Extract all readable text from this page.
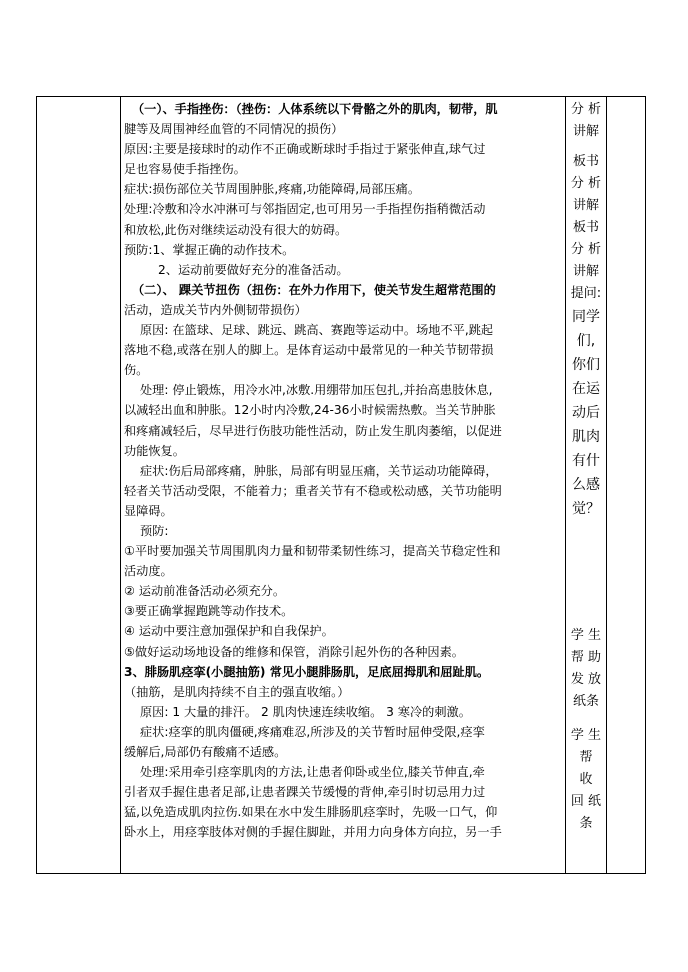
（一）、手指挫伤：（挫伤：人体系统以下骨骼之外的肌肉，韧带，肌

腱等及周围神经血管的不同情况的损伤）

原因:主要是接球时的动作不正确或断球时手指过于紧张伸直,球气过

足也容易使手指挫伤。

症状:损伤部位关节周围肿胀,疼痛,功能障碍,局部压痛。

处理:冷敷和冷水冲淋可与邻指固定,也可用另一手指捏伤指稍微活动

和放松,此伤对继续运动没有很大的妨碍。

预防:1、掌握正确的动作技术。

2、运动前要做好充分的准备活动。

（二）、 踝关节扭伤（扭伤：在外力作用下，使关节发生超常范围的

活动，造成关节内外侧韧带损伤）

原因: 在篮球、足球、跳远、跳高、赛跑等运动中。场地不平,跳起

落地不稳,或落在别人的脚上。是体育运动中最常见的一种关节韧带损

伤。

处理: 停止锻炼，用冷水冲,冰敷.用绷带加压包扎,并抬高患肢休息,

以减轻出血和肿胀。12小时内冷敷,24-36小时候需热敷。当关节肿胀

和疼痛减轻后，尽早进行伤肢功能性活动，防止发生肌肉萎缩，以促进

功能恢复。

症状:伤后局部疼痛，肿胀，局部有明显压痛，关节运动功能障碍，

轻者关节活动受限，不能着力；重者关节有不稳或松动感，关节功能明

显障碍。

预防:

①平时要加强关节周围肌肉力量和韧带柔韧性练习，提高关节稳定性和

活动度。

② 运动前准备活动必须充分。

③要正确掌握跑跳等动作技术。

④ 运动中要注意加强保护和自我保护。

⑤做好运动场地设备的维修和保管，消除引起外伤的各种因素。

3、腓肠肌痉挛(小腿抽筋) 常见小腿腓肠肌，足底屈拇肌和屈趾肌。

（抽筋，是肌肉持续不自主的强直收缩。）

原因: 1 大量的排汗。 2 肌肉快速连续收缩。 3 寒冷的刺激。

症状:痉挛的肌肉僵硬,疼痛难忍,所涉及的关节暂时屈伸受限,痉挛

缓解后,局部仍有酸痛不适感。

处理:采用牵引痉挛肌肉的方法,让患者仰卧或坐位,膝关节伸直,牵

引者双手握住患者足部,让患者踝关节缓慢的背伸,牵引时切忌用力过

猛,以免造成肌肉拉伤.如果在水中发生腓肠肌痉挛时，先吸一口气，仰

卧水上，用痉挛肢体对侧的手握住脚趾，并用力向身体方向拉，另一手

分 析
讲解
板书
分 析
讲解
板书
分 析
讲解
提问:
同学
们,
你们
在运
动后
肌肉
有什
么感
觉？
学 生
帮 助
发 放
纸条
学 生
帮
收
回 纸
条
